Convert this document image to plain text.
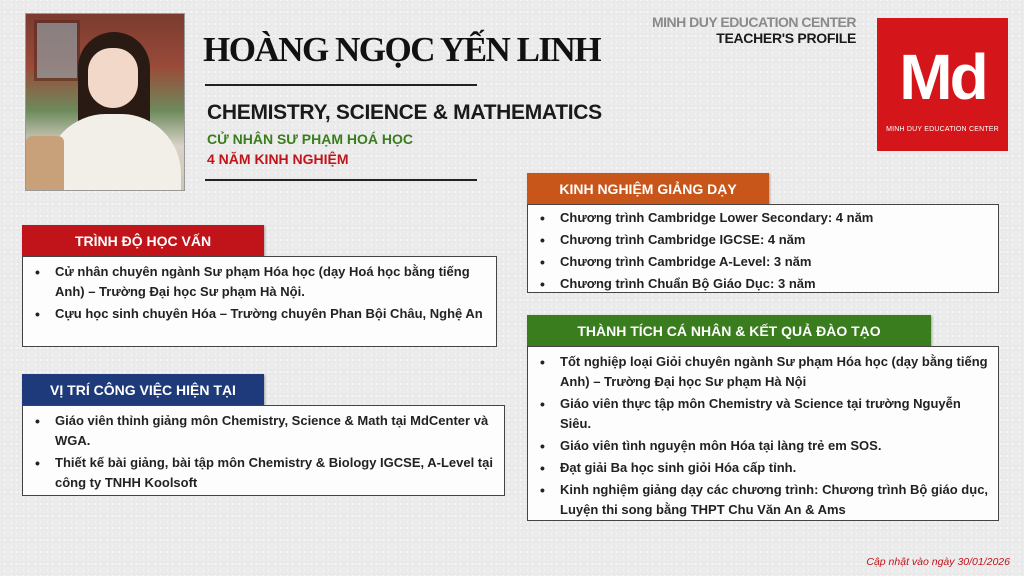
HOÀNG NGỌC YẾN LINH
CHEMISTRY, SCIENCE & MATHEMATICS
CỬ NHÂN SƯ PHẠM HOÁ HỌC
4 NĂM KINH NGHIỆM
MINH DUY EDUCATION CENTER
TEACHER'S PROFILE
Md
MINH DUY EDUCATION CENTER
TRÌNH ĐỘ HỌC VẤN
• Cử nhân chuyên ngành Sư phạm Hóa học (dạy Hoá học bằng tiếng Anh) – Trường Đại học Sư phạm Hà Nội.
• Cựu học sinh chuyên Hóa – Trường chuyên Phan Bội Châu, Nghệ An
VỊ TRÍ CÔNG VIỆC HIỆN TẠI
• Giáo viên thỉnh giảng môn Chemistry, Science & Math tại MdCenter và WGA.
• Thiết kế bài giảng, bài tập môn Chemistry & Biology IGCSE, A-Level tại công ty TNHH Koolsoft
KINH NGHIỆM GIẢNG DẠY
• Chương trình Cambridge Lower Secondary: 4 năm
• Chương trình Cambridge IGCSE: 4 năm
• Chương trình Cambridge A-Level: 3 năm
• Chương trình Chuẩn Bộ Giáo Dục: 3 năm
THÀNH TÍCH CÁ NHÂN & KẾT QUẢ ĐÀO TẠO
• Tốt nghiệp loại Giỏi chuyên ngành Sư phạm Hóa học (dạy bằng tiếng Anh) – Trường Đại học Sư phạm Hà Nội
• Giáo viên thực tập môn Chemistry và Science tại trường Nguyễn Siêu.
• Giáo viên tình nguyện môn Hóa tại làng trẻ em SOS.
• Đạt giải Ba học sinh giỏi Hóa cấp tỉnh.
• Kinh nghiệm giảng dạy các chương trình: Chương trình Bộ giáo dục, Luyện thi song bằng THPT Chu Văn An & Ams
Cập nhật vào ngày 30/01/2026
